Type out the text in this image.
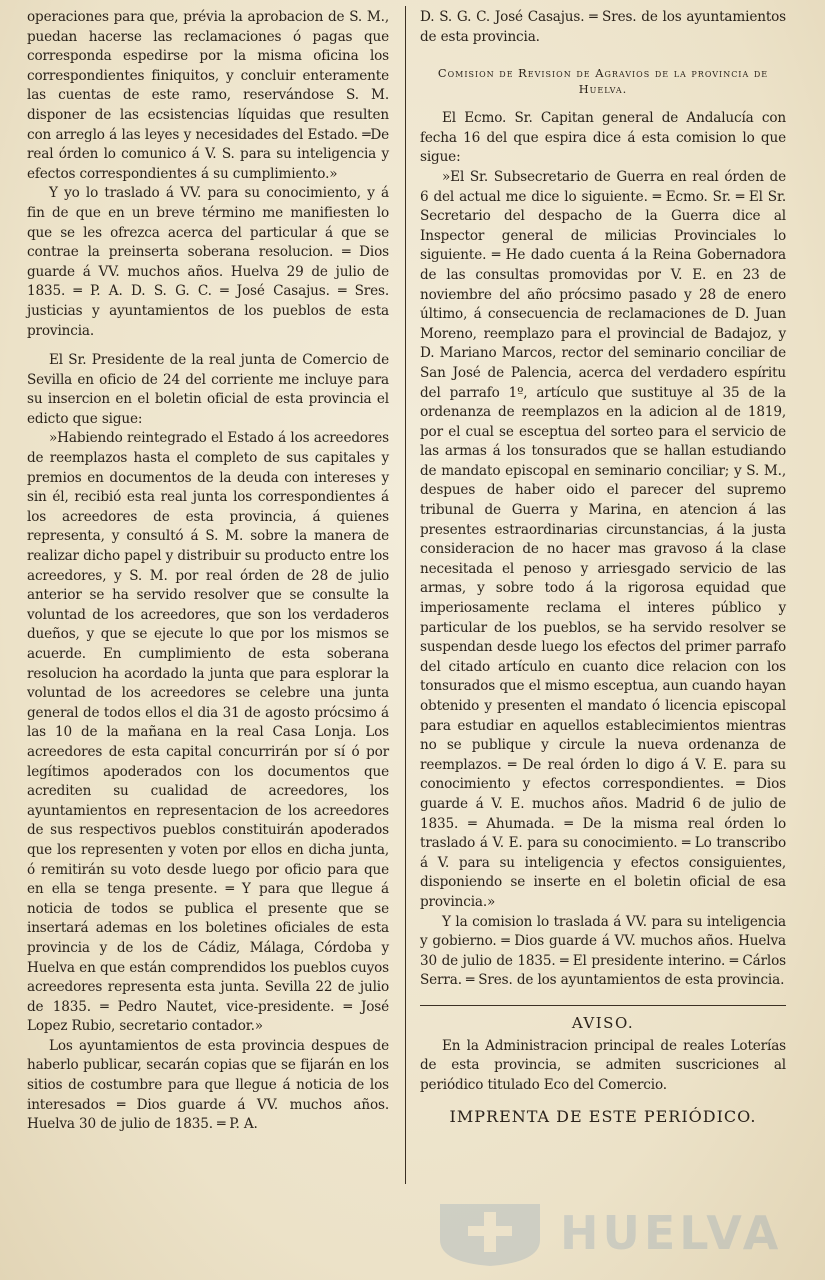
operaciones para que, prévia la aprobacion de S. M., puedan hacerse las reclamaciones ó pagas que corresponda espedirse por la misma oficina los correspondientes finiquitos, y concluir enteramente las cuentas de este ramo, reservándose S. M. disponer de las ecsistencias líquidas que resulten con arreglo á las leyes y necesidades del Estado. ═De real órden lo comunico á V. S. para su inteligencia y efectos correspondientes á su cumplimiento.»

Y yo lo traslado á VV. para su conocimiento, y á fin de que en un breve término me manifiesten lo que se les ofrezca acerca del particular á que se contrae la preinserta soberana resolucion. ═ Dios guarde á VV. muchos años. Huelva 29 de julio de 1835. ═ P. A. D. S. G. C. ═ José Casajus. ═ Sres. justicias y ayuntamientos de los pueblos de esta provincia.

El Sr. Presidente de la real junta de Comercio de Sevilla en oficio de 24 del corriente me incluye para su insercion en el boletin oficial de esta provincia el edicto que sigue:

»Habiendo reintegrado el Estado á los acreedores de reemplazos hasta el completo de sus capitales y premios en documentos de la deuda con intereses y sin él, recibió esta real junta los correspondientes á los acreedores de esta provincia, á quienes representa, y consultó á S. M. sobre la manera de realizar dicho papel y distribuir su producto entre los acreedores, y S. M. por real órden de 28 de julio anterior se ha servido resolver que se consulte la voluntad de los acreedores, que son los verdaderos dueños, y que se ejecute lo que por los mismos se acuerde. En cumplimiento de esta soberana resolucion ha acordado la junta que para esplorar la voluntad de los acreedores se celebre una junta general de todos ellos el dia 31 de agosto prócsimo á las 10 de la mañana en la real Casa Lonja. Los acreedores de esta capital concurrirán por sí ó por legítimos apoderados con los documentos que acrediten su cualidad de acreedores, los ayuntamientos en representacion de los acreedores de sus respectivos pueblos constituirán apoderados que los representen y voten por ellos en dicha junta, ó remitirán su voto desde luego por oficio para que en ella se tenga presente. ═ Y para que llegue á noticia de todos se publica el presente que se insertará ademas en los boletines oficiales de esta provincia y de los de Cádiz, Málaga, Córdoba y Huelva en que están comprendidos los pueblos cuyos acreedores representa esta junta. Sevilla 22 de julio de 1835. ═ Pedro Nautet, vice-presidente. ═ José Lopez Rubio, secretario contador.»

Los ayuntamientos de esta provincia despues de haberlo publicar, secarán copias que se fijarán en los sitios de costumbre para que llegue á noticia de los interesados ═ Dios guarde á VV. muchos años. Huelva 30 de julio de 1835. ═ P. A.

D. S. G. C. José Casajus. ═ Sres. de los ayuntamientos de esta provincia.

Comision de Revision de Agravios de la provincia de Huelva.

El Ecmo. Sr. Capitan general de Andalucía con fecha 16 del que espira dice á esta comision lo que sigue:

»El Sr. Subsecretario de Guerra en real órden de 6 del actual me dice lo siguiente. ═ Ecmo. Sr. ═ El Sr. Secretario del despacho de la Guerra dice al Inspector general de milicias Provinciales lo siguiente. ═ He dado cuenta á la Reina Gobernadora de las consultas promovidas por V. E. en 23 de noviembre del año prócsimo pasado y 28 de enero último, á consecuencia de reclamaciones de D. Juan Moreno, reemplazo para el provincial de Badajoz, y D. Mariano Marcos, rector del seminario conciliar de San José de Palencia, acerca del verdadero espíritu del parrafo 1º, artículo que sustituye al 35 de la ordenanza de reemplazos en la adicion al de 1819, por el cual se esceptua del sorteo para el servicio de las armas á los tonsurados que se hallan estudiando de mandato episcopal en seminario conciliar; y S. M., despues de haber oido el parecer del supremo tribunal de Guerra y Marina, en atencion á las presentes estraordinarias circunstancias, á la justa consideracion de no hacer mas gravoso á la clase necesitada el penoso y arriesgado servicio de las armas, y sobre todo á la rigorosa equidad que imperiosamente reclama el interes público y particular de los pueblos, se ha servido resolver se suspendan desde luego los efectos del primer parrafo del citado artículo en cuanto dice relacion con los tonsurados que el mismo esceptua, aun cuando hayan obtenido y presenten el mandato ó licencia episcopal para estudiar en aquellos establecimientos mientras no se publique y circule la nueva ordenanza de reemplazos. ═ De real órden lo digo á V. E. para su conocimiento y efectos correspondientes. ═ Dios guarde á V. E. muchos años. Madrid 6 de julio de 1835. ═ Ahumada. ═ De la misma real órden lo traslado á V. E. para su conocimiento. ═ Lo transcribo á V. para su inteligencia y efectos consiguientes, disponiendo se inserte en el boletin oficial de esa provincia.»

Y la comision lo traslada á VV. para su inteligencia y gobierno. ═ Dios guarde á VV. muchos años. Huelva 30 de julio de 1835. ═ El presidente interino. ═ Cárlos Serra. ═ Sres. de los ayuntamientos de esta provincia.

AVISO.

En la Administracion principal de reales Loterías de esta provincia, se admiten suscriciones al periódico titulado Eco del Comercio.

IMPRENTA DE ESTE PERIÓDICO.
HUELVA
